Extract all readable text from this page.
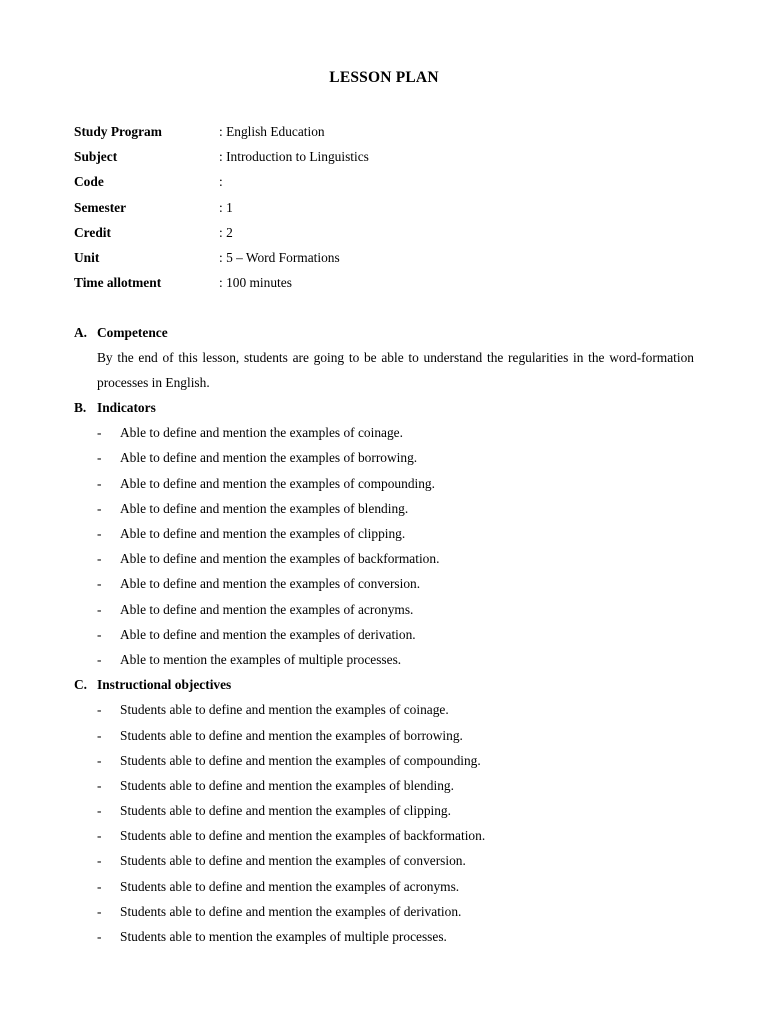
LESSON PLAN
Study Program	: English Education
Subject	: Introduction to Linguistics
Code	:
Semester	: 1
Credit	: 2
Unit	: 5 – Word Formations
Time allotment	: 100 minutes
A. Competence
By the end of this lesson, students are going to be able to understand the regularities in the word-formation processes in English.
B. Indicators
-	Able to define and mention the examples of coinage.
-	Able to define and mention the examples of borrowing.
-	Able to define and mention the examples of compounding.
-	Able to define and mention the examples of blending.
-	Able to define and mention the examples of clipping.
-	Able to define and mention the examples of backformation.
-	Able to define and mention the examples of conversion.
-	Able to define and mention the examples of acronyms.
-	Able to define and mention the examples of derivation.
-	Able to mention the examples of multiple processes.
C. Instructional objectives
-	Students able to define and mention the examples of coinage.
-	Students able to define and mention the examples of borrowing.
-	Students able to define and mention the examples of compounding.
-	Students able to define and mention the examples of blending.
-	Students able to define and mention the examples of clipping.
-	Students able to define and mention the examples of backformation.
-	Students able to define and mention the examples of conversion.
-	Students able to define and mention the examples of acronyms.
-	Students able to define and mention the examples of derivation.
-	Students able to mention the examples of multiple processes.
